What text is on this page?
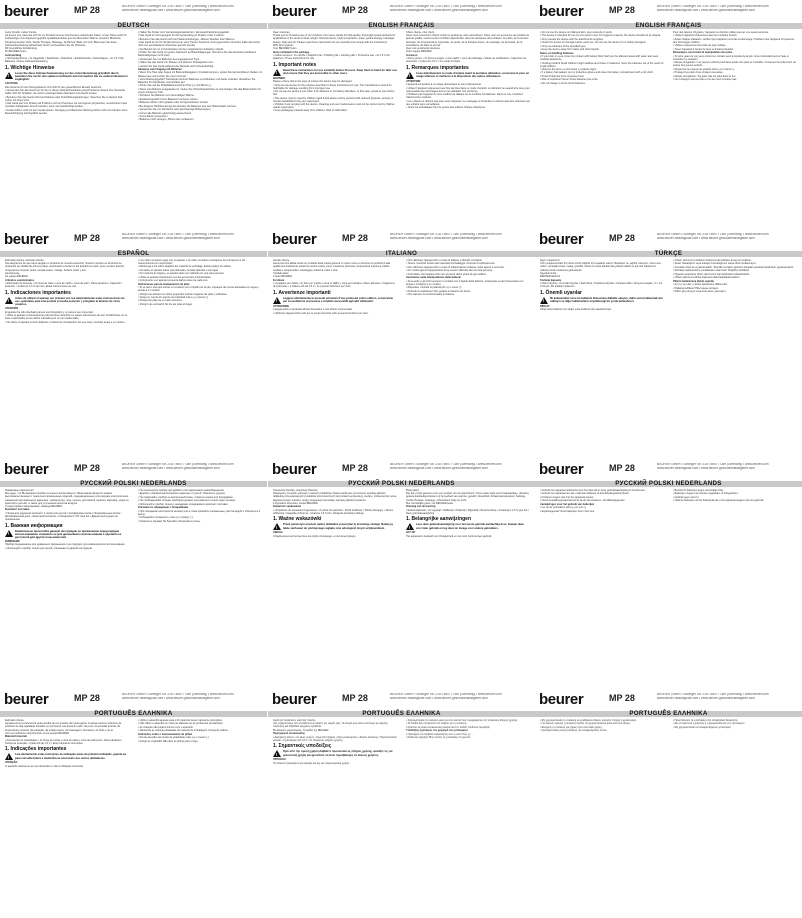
beurer	MP 28	BEURER GmbH • Söflinger Str. 218 • 89077 Ulm (Germany) • www.beurer.com
www.beurer-healthguide.com • www.beurer-gesundheitsratgeber.com
DEUTSCH
Liebe Kundin, Lieber Kunde,
wir freuen uns, dass Sie sich für ein Produkt unseres Sortimentes entschieden haben. Unser Name steht für hochwertige und eingehend geprüfte Qualitätsprodukte aus den Bereichen Wärme, Gewicht, Blutdruck, Körpertemperatur, Puls, Sanfte Therapie, Massage, Schönheit, Baby und Luft. Bitte lesen Sie diese Gebrauchsanleitung aufmerksam durch und beachten Sie die Hinweise.
Mit freundlicher Empfehlung
Ihr BEURER-Team
Lieferumfang
• Hornhautentferner • 2x Nagelfeile • Saphirfeile • Polierfeile • Schleifscheibe • Schutzkappe • 4x 1,5 V AA Batterien • Diese Gebrauchsanleitung
1. Wichtige Hinweise
!
Lesen Sie diese Gebrauchsanweisung vor der ersten Benutzung gründlich durch, bewahren Sie sie für den späteren Gebrauch auf und machen Sie sie anderen Benutzern zugänglich.
ACHTUNG
Das Gerät ist für den Heimgebrauch und nicht für den gewerblichen Einsatz bestimmt.
• Verwenden Sie das Gerät nur für den in dieser Gebrauchsanleitung beschriebenen Zweck. Der Hersteller haftet nicht für Schäden, die durch unsachgemäßen Gebrauch verursacht werden.
• Benutzen Sie das Gerät nicht bei Diabetes oder Durchblutungsstörungen. Sprechen Sie in diesem Fall vorher mit Ihrem Arzt.
• Das Gerät darf von Kindern ab 8 Jahren und von Personen mit verringerten physischen, sensorischen oder mentalen Fähigkeiten benutzt werden, wenn sie beaufsichtigt werden.
• Kinder dürfen nicht mit dem Gerät spielen. Reinigung und Benutzer-Wartung dürfen nicht von Kindern ohne Beaufsichtigung durchgeführt werden.
• Halten Sie Kinder vom Verpackungsmaterial fern. Es besteht Erstickungsgefahr.
• Das Gerät ist nicht geeignet für die Verwendung an Kindern unter 3 Jahren.
• Benutzen Sie das Gerät nicht bei Hautentzündungen, offenen Wunden oder Warzen.
• Das Gerät ist nur für die Benutzung an einer Person bestimmt. Aus hygienischen Gründen sollte das Gerät nicht von verschiedenen Personen genutzt werden.
• Der Betrieb ist nur in Kombination mit den mitgelieferten Aufsätzen erlaubt.
• Prüfen Sie das Gerät vor jedem Gebrauch auf Beschädigungen. Benutzen Sie das Gerät bei sichtbaren Beschädigungen nicht mehr.
• Verwenden Sie nur Batterien des angegebenen Typs.
• Halten Sie das Gerät von Wasser und anderen Flüssigkeiten fern.
• Lassen Sie das Gerät während des Betriebs nicht unbeaufsichtigt.
Hinweise zum Umgang mit Batterien
• Wenn Ihre Haut oder Augen mit Batterieflüssigkeit in Kontakt kommen, spülen Sie die betroffenen Stellen mit Wasser aus und suchen Sie einen Arzt auf.
• Verschluckungsgefahr! Kleinkinder könnten Batterien verschlucken und daran ersticken. Bewahren Sie Batterien für Kleinkinder unerreichbar auf.
• Achten Sie auf die Polaritätskennzeichen Plus (+) und Minus (-).
• Wenn eine Batterie ausgelaufen ist, ziehen Sie Schutzhandschuhe an und reinigen Sie das Batteriefach mit einem trockenen Tuch.
• Schützen Sie Batterien vor übermäßiger Wärme.
• Explosionsgefahr! Keine Batterien ins Feuer werfen.
• Batterien dürfen nicht geladen oder kurzgeschlossen werden.
• Bei längerer Nichtbenutzung des Gerätes die Batterien aus dem Batteriefach nehmen.
• Verwenden Sie nur identische oder gleichwertige Batterietypen.
• Immer alle Batterien gleichzeitig auswechseln.
• Keine Akkus verwenden!
• Batterien nicht zerlegen, öffnen oder zerkleinern.
beurer	MP 28	BEURER GmbH • Söflinger Str. 218 • 89077 Ulm (Germany) • www.beurer.com
www.beurer-healthguide.com • www.beurer-gesundheitsratgeber.com
ENGLISH FRANÇAIS
Dear customer,
Thank you for choosing one of our products. Our name stands for high-quality, thoroughly tested products for applications in the areas of heat, weight, blood pressure, body temperature, pulse, gentle therapy, massage, beauty, baby and air. Please read these instructions for use carefully and comply with the instructions.
With kind regards,
Your BEURER Team
Items included in the package
• Callus remover • 2x nail file • Sapphire file • Polishing file • Grinding disc • Protective cap • 4x 1.5 V AA batteries • These instructions for use
1. Important notes
!
Read these instructions for use carefully before first use. Keep them to hand for later use and ensure that they are accessible to other users.
WARNING
Please ensure that in the case of misuse the device may be damaged.
• Only use the device for the purpose described in these instructions for use. The manufacturer cannot be held liable for damage resulting from improper use.
• Do not use the device if you suffer from diabetes or circulatory disorders. In this case, speak to your doctor first.
• This device may be used by children aged 8 and above and by persons with reduced physical, sensory or mental capabilities if they are supervised.
• Children must not play with the device. Cleaning and user maintenance must not be carried out by children unless supervised.
• Keep packaging material away from children. Risk of suffocation.
Chère cliente, cher client,
Nous vous remercions d'avoir choisi un produit de notre assortiment. Notre nom est synonyme de produits de grande qualité, soumis à des contrôles approfondis, dans les domaines de la chaleur, du poids, de la tension artérielle, de la température corporelle, du pouls, de la thérapie douce, du massage, de la beauté, de la surveillance de bébé et de l'air.
Avec nos sentiments dévoués,
Votre équipe BEURER
Livraison
• Pierre ponce • 2x limes à ongles • Lime saphir • Lime de polissage • Meule de rectification • Capuchon de protection • 4 piles AA 1,5 V • Ce mode d'emploi
1. Remarques importantes
!
Lisez attentivement ce mode d'emploi avant la première utilisation, conservez-le pour un usage ultérieur et mettez-le à la disposition des autres utilisateurs.
ATTENTION
L'appareil est destiné à un usage domestique et non professionnel.
• Utilisez l'appareil uniquement aux fins décrites dans ce mode d'emploi. Le fabricant ne saurait être tenu pour responsable des dommages dus à une utilisation non conforme.
• N'utilisez pas l'appareil si vous souffrez de diabète ou de troubles circulatoires. Dans ce cas, consultez d'abord votre médecin.
• Les enfants ne doivent pas jouer avec l'appareil. Le nettoyage et l'entretien ne doivent pas être effectués par des enfants sans surveillance.
• Tenez les emballages hors de portée des enfants. Risque d'asphyxie.
beurer	MP 28	BEURER GmbH • Söflinger Str. 218 • 89077 Ulm (Germany) • www.beurer.com
www.beurer-healthguide.com • www.beurer-gesundheitsratgeber.com
ENGLISH FRANÇAIS
• Do not use the device on inflamed skin, open wounds or warts.
• The device is intended for use by one person only. For hygienic reasons, the device should not be shared.
• Only operate the device with the attachments supplied.
• Check the device for damage before each use. Do not use the device if it is visibly damaged.
• Only use batteries of the specified type.
• Keep the device away from water and other liquids.
Notes on handling batteries
• If your skin or eyes come into contact with battery fluid, flush out the affected areas with water and seek medical assistance.
• Choking hazard! Small children might swallow and choke on batteries. Store the batteries out of the reach of small children.
• Observe the plus (+) and minus (-) polarity signs.
• If a battery has leaked, put on protective gloves and clean the battery compartment with a dry cloth.
• Protect batteries from excessive heat.
• Risk of explosion! Never throw batteries into a fire.
• Do not charge or short-circuit batteries.
Pour des raisons d'hygiène, l'appareil ne doit être utilisé que par une seule personne.
• Utilisez l'appareil uniquement avec les embouts fournis.
• Avant chaque utilisation, vérifiez que l'appareil n'est pas endommagé. N'utilisez plus l'appareil s'il présente des dommages visibles.
• Utilisez uniquement des piles du type indiqué.
• Tenez l'appareil à l'écart de l'eau et d'autres liquides.
Remarques concernant la manipulation des piles
• Si votre peau ou vos yeux entrent en contact avec le liquide de la pile, rincez abondamment à l'eau et consultez un médecin.
• Risque d'ingestion ! Les jeunes enfants pourraient avaler des piles et s'étouffer. Conservez les piles hors de portée des jeunes enfants.
• Respectez les signes de polarité plus (+) et moins (-).
• Protégez les piles d'une chaleur excessive.
• Risque d'explosion ! Ne jetez pas les piles dans le feu.
• Ne rechargez pas les piles et ne les court-circuitez pas.
beurer	MP 28	BEURER GmbH • Söflinger Str. 218 • 89077 Ulm (Germany) • www.beurer.com
www.beurer-healthguide.com • www.beurer-gesundheitsratgeber.com
ESPAÑOL
Estimada clienta, estimado cliente:
Nos alegramos de que haya elegido un producto de nuestra selección. Nuestro nombre es sinónimo de productos de calidad de primera clase examinados a fondo en los ámbitos de calor, peso, tensión arterial, temperatura corporal, pulso, terapia suave, masaje, belleza, bebé y aire.
Atentamente,
Su equipo BEURER
Artículos suministrados
• Eliminador de durezas • 2x limas de uñas • Lima de zafiro • Lima de pulir • Disco abrasivo • Capuchón protector • 4 pilas de 1,5 V tipo AA • Estas instrucciones de uso
1. Indicaciones importantes
!
Antes de utilizar el aparato por primera vez, lea detenidamente estas instrucciones de uso, guárdelas para una posible consulta posterior y póngalas al alcance de otros usuarios.
ATENCIÓN
El aparato ha sido diseñado para el uso doméstico y no para el uso comercial.
• Utilice el aparato exclusivamente para los fines descritos en estas instrucciones de uso. El fabricante no se hace responsable de los daños causados por un uso inadecuado.
• No utilice el aparato si sufre diabetes o trastornos circulatorios. En ese caso, consulte antes a su médico.
• Los niños no deben jugar con el aparato. Los niños no deben encargarse de la limpieza ni del mantenimiento sin supervisión.
• Mantenga a los niños alejados del material de embalaje. Existe peligro de asfixia.
• No utilice el aparato sobre piel inflamada, heridas abiertas o verrugas.
• Por motivos de higiene, el aparato debe ser utilizado por una sola persona.
• Utilice el aparato únicamente con los accesorios suministrados.
• Compruebe si el aparato presenta daños antes de cada uso.
Indicaciones para la manipulación de pilas
• Si su piel o sus ojos entran en contacto con el líquido de la pila, enjuague las zonas afectadas con agua y acuda a un médico.
• ¡Peligro de asfixia! Los niños pequeños podrían tragarse las pilas y asfixiarse.
• Tenga en cuenta los signos de polaridad más (+) y menos (-).
• Proteja las pilas de un calor excesivo.
• ¡Peligro de explosión! No tire las pilas al fuego.
beurer	MP 28	BEURER GmbH • Söflinger Str. 218 • 89077 Ulm (Germany) • www.beurer.com
www.beurer-healthguide.com • www.beurer-gesundheitsratgeber.com
ITALIANO
Gentile cliente,
siamo lieti che abbia scelto un prodotto della nostra gamma. Il nostro nome è sinonimo di prodotti di alta qualità accuratamente testati nei settori calore, peso, pressione arteriosa, temperatura corporea, battito cardiaco, terapia dolce, massaggio, bellezza, bebè e aria.
Cordiali saluti
Il team BEURER
Fornitura
• Levigatore per talloni • 2x lime per unghie • Lima in zaffiro • Lima per lucidare • Disco abrasivo • Cappuccio di protezione • 4 batterie AA da 1,5 V • Le presenti istruzioni per l'uso
1. Avvertenze importanti
!
Leggere attentamente le presenti istruzioni d'uso prima del primo utilizzo, conservarle per consultazioni successive e renderle accessibili agli altri utilizzatori.
ATTENZIONE
L'apparecchio è destinato all'uso domestico e non all'uso commerciale.
• Utilizzare l'apparecchio solo per lo scopo descritto nelle presenti istruzioni per l'uso.
• Non utilizzare l'apparecchio in caso di diabete o disturbi circolatori.
• Tenere i bambini lontani dal materiale d'imballaggio. Pericolo di soffocamento.
• Non utilizzare l'apparecchio in caso di infiammazioni cutanee, ferite aperte o verruche.
• Per motivi igienici l'apparecchio deve essere utilizzato da una sola persona.
• Controllare che l'apparecchio non presenti danni prima di ogni utilizzo.
Avvertenze sulla manipolazione delle batterie
• Se la pelle o gli occhi entrano in contatto con il liquido delle batterie, sciacquare le parti interessate con acqua e rivolgersi a un medico.
• Rispettare i simboli di polarità più (+) e meno (-).
• Pericolo di esplosione! Non gettare le batterie nel fuoco.
• Non caricare né cortocircuitare le batterie.
beurer	MP 28	BEURER GmbH • Söflinger Str. 218 • 89077 Ulm (Germany) • www.beurer.com
www.beurer-healthguide.com • www.beurer-gesundheitsratgeber.com
TÜRKÇE
Sayın müşterimiz,
Ürün yelpazemizden bir ürünü tercih ettiğiniz için teşekkür ederiz. Markamız ısı, ağırlık, tansiyon, vücut ısısı, nabız, yumuşak terapi, masaj, güzellik, bebek ve hava alanlarında yüksek kaliteli ve ayrıntılı olarak test edilmiş ürünler anlamına gelmektedir.
Saygılarımızla
BEURER Ekibiniz
Teslimat kapsamı
• Nasır törpüsü • 2x tırnak törpüsü • Safir törpü • Parlatma törpüsü • Zımpara diski • Koruyucu kapak • 4 x 1,5 V AA pil • Bu kullanım kılavuzu
1. Önemli uyarılar
!
İlk kullanımdan önce bu kullanım kılavuzunu dikkatle okuyun, daha sonra kullanmak için saklayın ve diğer kullanıcıların erişebileceği bir yerde bulundurun.
DİKKAT
Cihaz ticari kullanım için değil, evde kullanım için tasarlanmıştır.
• Cihazı yalnızca bu kullanım kılavuzunda belirtilen amaç için kullanın.
• Şeker hastalığınız veya dolaşım bozukluğunuz varsa cihazı kullanmayın.
• Çocuklar cihaz ile oynamamalıdır. Temizlik ve bakım gözetim olmadan çocuklar tarafından yapılmamalıdır.
• Ambalaj malzemelerini çocuklardan uzak tutun. Boğulma tehlikesi!
• Hijyenik nedenlerle cihaz yalnızca bir kişi tarafından kullanılmalıdır.
• Cihazı yalnızca teslimat kapsamındaki başlıklarla kullanın.
Pillerin kullanımına ilişkin uyarılar
• Artı (+) ve eksi (-) kutup işaretlerine dikkat edin.
• Patlama tehlikesi! Pilleri ateşe atmayın.
• Pilleri şarj etmeyin veya kısa devre yapmayın.
beurer	MP 28	BEURER GmbH • Söflinger Str. 218 • 89077 Ulm (Germany) • www.beurer.com
www.beurer-healthguide.com • www.beurer-gesundheitsratgeber.com
РУССКИЙ POLSKI NEDERLANDS
Уважаемые покупатели!
Мы рады, что Вы выбрали прибор из нашего ассортимента. Наша марка является знаком высококачественных и тщательно проверенных изделий, предназначенных для нагрева, контроля веса, измерения артериального давления, температуры тела, пульса, для мягкой терапии, массажа, ухода за красотой и детьми, а также для улучшения качества воздуха.
С наилучшими пожеланиями, команда BEURER
Комплект поставки
• Пилка для удаления мозолей • 2 пилки для ногтей • Сапфировая пилка • Полировальная пилка • Шлифовальный диск • Защитный колпачок • 4 батарейки 1,5 В типа АА • Данная инструкция по применению
1. Важная информация
!
Внимательно прочитайте данную инструкцию по применению перед первым использованием, сохраните ее для дальнейшего использования и сделайте ее доступной для других пользователей.
ВНИМАНИЕ
Прибор предназначен для домашнего применения и не подходит для коммерческого использования.
• Используйте прибор только для целей, описанных в данной инструкции.
• Не используйте прибор при диабете или нарушениях кровообращения.
• Держите упаковочный материал подальше от детей. Опасность удушья.
• Не применяйте прибор на воспаленной коже, открытых ранах или бородавках.
• По соображениям гигиены прибором должен пользоваться только один человек.
• Используйте прибор только с насадками, входящими в комплект поставки.
Указания по обращению с батарейками
• При попадании электролита на кожу или в глаза промойте пораженные участки водой и обратитесь к врачу.
• Соблюдайте полярность плюс (+) и минус (-).
• Опасность взрыва! Не бросайте батарейки в огонь.
beurer	MP 28	BEURER GmbH • Söflinger Str. 218 • 89077 Ulm (Germany) • www.beurer.com
www.beurer-healthguide.com • www.beurer-gesundheitsratgeber.com
РУССКИЙ POLSKI NEDERLANDS
Szanowna Klientko, szanowny Kliencie!
Dziękujemy za wybór jednego z naszych produktów. Nasza marka jest synonimem wysokiej jakości i dokładnie przetestowanych produktów przeznaczonych do pomiaru temperatury, ciężaru, ciśnienia krwi, tętna, łagodnej terapii, masażu, urody, pielęgnacji niemowląt i poprawy jakości powietrza.
Z wyrazami szacunku, zespół BEURER
Zawartość opakowania
• Urządzenie do usuwania zrogowaceń • 2x pilnik do paznokci • Pilnik szafirowy • Pilnik polerujący • Tarcza szlifierska • Nasadka ochronna • 4 baterie 1,5 V AA • Niniejsza instrukcja obsługi
1. Ważne wskazówki
!
Przed pierwszym użyciem należy dokładnie przeczytać tę instrukcję obsługi. Należy ją także zachować do późniejszego wglądu oraz udostępnić innym użytkownikom.
UWAGA
Urządzenie jest przeznaczone do użytku domowego, a nie komercyjnego.
Beste klant,
Fijn dat u hebt gekozen voor een product uit ons assortiment. Onze naam staat voor hoogwaardige, uitvoerig geteste kwaliteitsproducten op het gebied van warmte, gewicht, bloeddruk, lichaamstemperatuur, hartslag, zachte therapie, massage, schoonheid, baby en lucht.
Met vriendelijke groet, Uw BEURER-team
Omvang van de levering
• Eeltverwijderaar • 2x nagelvijl • Saffiervijl • Polijstvijl • Slijpschijf • Beschermkap • 4 batterijen 1,5 V type AA • Deze gebruiksaanwijzing
1. Belangrijke aanwijzingen
!
Lees deze gebruiksaanwijzing voor het eerste gebruik aandachtig door, bewaar deze voor later gebruik en leg deze ter inzage voor andere gebruikers.
LET OP
Het apparaat is bedoeld voor thuisgebruik en niet voor commercieel gebruik.
beurer	MP 28	BEURER GmbH • Söflinger Str. 218 • 89077 Ulm (Germany) • www.beurer.com
www.beurer-healthguide.com • www.beurer-gesundheitsratgeber.com
РУССКИЙ POLSKI NEDERLANDS
• Gebruik het apparaat uitsluitend voor het doel dat in deze gebruiksaanwijzing is beschreven.
• Gebruik het apparaat niet als u lijdt aan diabetes of doorbloedingsstoornissen.
• Kinderen mogen niet met het apparaat spelen.
• Houd verpakkingsmateriaal uit de buurt van kinderen. Verstikkingsgevaar!
Aanwijzingen voor het gebruik van batterijen
• Let op de pooltekens plus (+) en min (-).
• Explosiegevaar! Gooi batterijen niet in het vuur.
• Bescherm batterijen tegen overmatige hitte.
• Batterijen mogen niet worden opgeladen of kortgesloten.
• Gebruik geen accu's!
• Haal de batterijen uit het batterijvak als u het apparaat langere tijd niet gebruikt.
beurer	MP 28	BEURER GmbH • Söflinger Str. 218 • 89077 Ulm (Germany) • www.beurer.com
www.beurer-healthguide.com • www.beurer-gesundheitsratgeber.com
PORTUGUÊS ΕΛΛΗΝΙΚΑ
Estimado cliente,
Agradecemos a preferência pela escolha de um produto da nossa gama. A nossa marca é sinónimo de produtos de alta qualidade testados em pormenor nas áreas do calor, do peso, da pressão arterial, da temperatura corporal, da pulsação, da terapia suave, da massagem, da beleza, do bebé e do ar.
Com os melhores cumprimentos, A sua equipa BEURER
Material fornecido
• Removedor de calosidades • 2x limas de unhas • Lima de safira • Lima de polimento • Disco abrasivo • Tampa de proteção • 4 pilas AA de 1,5 V • Este manual de instruções
1. Indicações importantes
!
Leia atentamente estas instruções de utilização antes da primeira utilização, guarde-as para consulta futura e mantenha-as acessíveis aos outros utilizadores.
ATENÇÃO
O aparelho destina-se ao uso doméstico e não à utilização comercial.
• Utilize o aparelho apenas para o fim descrito neste manual de instruções.
• Não utilize o aparelho em caso de diabetes ou de problemas circulatórios.
• As crianças não podem brincar com o aparelho.
• Mantenha as crianças afastadas do material de embalagem. Perigo de asfixia.
Indicações sobre o manuseamento de pilhas
• Preste atenção aos sinais de polaridade mais (+) e menos (-).
• Perigo de explosão! Não atire as pilhas para o fogo.
beurer	MP 28	BEURER GmbH • Söflinger Str. 218 • 89077 Ulm (Germany) • www.beurer.com
www.beurer-healthguide.com • www.beurer-gesundheitsratgeber.com
PORTUGUÊS ΕΛΛΗΝΙΚΑ
Αγαπητή πελάτισσα, αγαπητέ πελάτη,
σας ευχαριστούμε που επιλέξατε ένα προϊόν της σειράς μας. Το όνομά μας είναι συνώνυμο με υψηλής ποιότητας και διεξοδικά ελεγμένα προϊόντα.
Με φιλικούς χαιρετισμούς, Η ομάδα της BEURER
Περιεχόμενα συσκευασίας
• Αφαιρετής κάλων • 2x λίμες νυχιών • Λίμα από ζαφείρι • Λίμα γυαλίσματος • Δίσκος λείανσης • Προστατευτικό καπάκι • 4 μπαταρίες AA 1,5 V • Οι παρούσες οδηγίες χρήσης
1. Σημαντικές υποδείξεις
!
Πριν από την πρώτη χρήση διαβάστε προσεκτικά τις οδηγίες χρήσης, φυλάξτε τις για μελλοντική χρήση και φροντίστε να είναι προσβάσιμες σε άλλους χρήστες.
ΠΡΟΣΟΧΗ
Η συσκευή προορίζεται για οικιακή και όχι για επαγγελματική χρήση.
• Χρησιμοποιείτε τη συσκευή μόνο για τον σκοπό που περιγράφεται στις παρούσες οδηγίες χρήσης.
• Τα παιδιά δεν επιτρέπεται να παίζουν με τη συσκευή.
• Κρατάτε τα υλικά συσκευασίας μακριά από τα παιδιά. Κίνδυνος ασφυξίας.
Υποδείξεις σχετικά με τον χειρισμό των μπαταριών
• Προσέχετε τα σύμβολα πολικότητας συν (+) και πλην (-).
• Κίνδυνος έκρηξης! Μην πετάτε τις μπαταρίες στη φωτιά.
beurer	MP 28	BEURER GmbH • Söflinger Str. 218 • 89077 Ulm (Germany) • www.beurer.com
www.beurer-healthguide.com • www.beurer-gesundheitsratgeber.com
PORTUGUÊS ΕΛΛΗΝΙΚΑ
• Μη χρησιμοποιείτε τη συσκευή σε ερεθισμένο δέρμα, ανοιχτές πληγές ή κρεατοελιές.
• Για λόγους υγιεινής η συσκευή πρέπει να χρησιμοποιείται μόνο από ένα άτομο.
• Ελέγχετε τη συσκευή για ζημιές πριν από κάθε χρήση.
• Χρησιμοποιείτε μόνο μπαταρίες του αναφερόμενου τύπου.
• Προστατεύετε τις μπαταρίες από υπερβολική θερμότητα.
• Δεν επιτρέπεται η φόρτιση ή η βραχυκύκλωση των μπαταριών.
• Μη χρησιμοποιείτε επαναφορτιζόμενες μπαταρίες!
